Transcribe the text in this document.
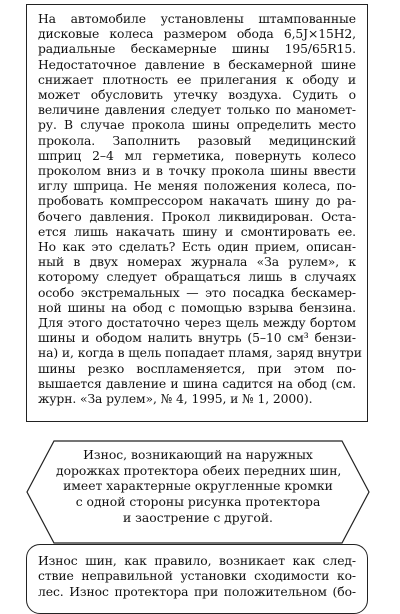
На автомобиле установлены штампованные
дисковые колеса размером обода 6,5J×15H2,
радиальные бескамерные шины 195/65R15.
Недостаточное давление в бескамерной шине
снижает плотность ее прилегания к ободу и
может обусловить утечку воздуха. Судить о
величине давления следует только по маномет-
ру. В случае прокола шины определить место
прокола. Заполнить разовый медицинский
шприц 2–4 мл герметика, повернуть колесо
проколом вниз и в точку прокола шины ввести
иглу шприца. Не меняя положения колеса, по-
пробовать компрессором накачать шину до ра-
бочего давления. Прокол ликвидирован. Оста-
ется лишь накачать шину и смонтировать ее.
Но как это сделать? Есть один прием, описан-
ный в двух номерах журнала «За рулем», к
которому следует обращаться лишь в случаях
особо экстремальных — это посадка бескамер-
ной шины на обод с помощью взрыва бензина.
Для этого достаточно через щель между бортом
шины и ободом налить внутрь (5–10 см³ бензи-
на) и, когда в щель попадает пламя, заряд внутри
шины резко воспламеняется, при этом по-
вышается давление и шина садится на обод (см.
журн. «За рулем», № 4, 1995, и № 1, 2000).
Износ, возникающий на наружных
дорожках протектора обеих передних шин,
имеет характерные округленные кромки
с одной стороны рисунка протектора
и заострение с другой.
Износ шин, как правило, возникает как след-
ствие неправильной установки сходимости ко-
лес. Износ протектора при положительном (бо-
